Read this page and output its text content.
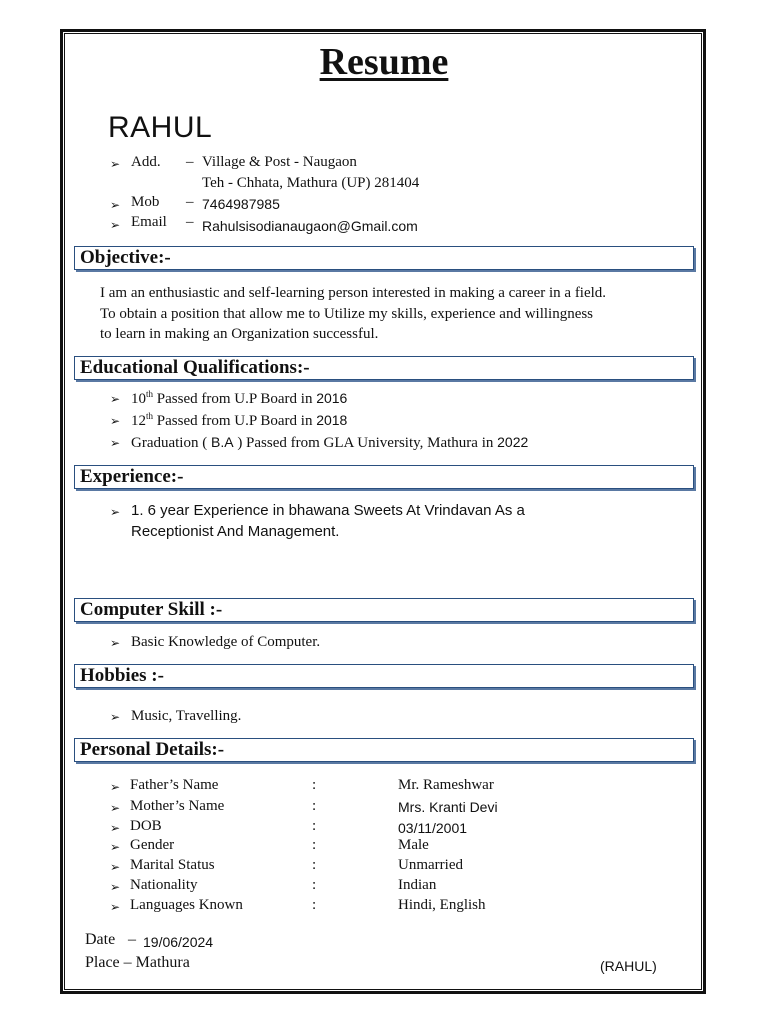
Resume
RAHUL
➢ Add. – Village & Post - Naugaon
Teh - Chhata, Mathura (UP) 281404
➢ Mob – 7464987985
➢ Email – Rahulsisodianaugaon@Gmail.com
Objective:-
I am an enthusiastic and self-learning person interested in making a career in a field.
To obtain a position that allow me to Utilize my skills, experience and willingness
to learn in making an Organization successful.
Educational Qualifications:-
➢ 10th Passed from U.P Board in 2016
➢ 12th Passed from U.P Board in 2018
➢ Graduation ( B.A ) Passed from GLA University, Mathura in 2022
Experience:-
➢ 1. 6 year Experience in bhawana Sweets At Vrindavan As a
Receptionist And Management.
Computer Skill :-
➢ Basic Knowledge of Computer.
Hobbies :-
➢ Music, Travelling.
Personal Details:-
➢ Father’s Name	:	Mr. Rameshwar
➢ Mother’s Name	:	Mrs. Kranti Devi
➢ DOB	:	03/11/2001
➢ Gender	:	Male
➢ Marital Status	:	Unmarried
➢ Nationality	:	Indian
➢ Languages Known	:	Hindi, English
Date – 19/06/2024
Place – Mathura	(RAHUL)
